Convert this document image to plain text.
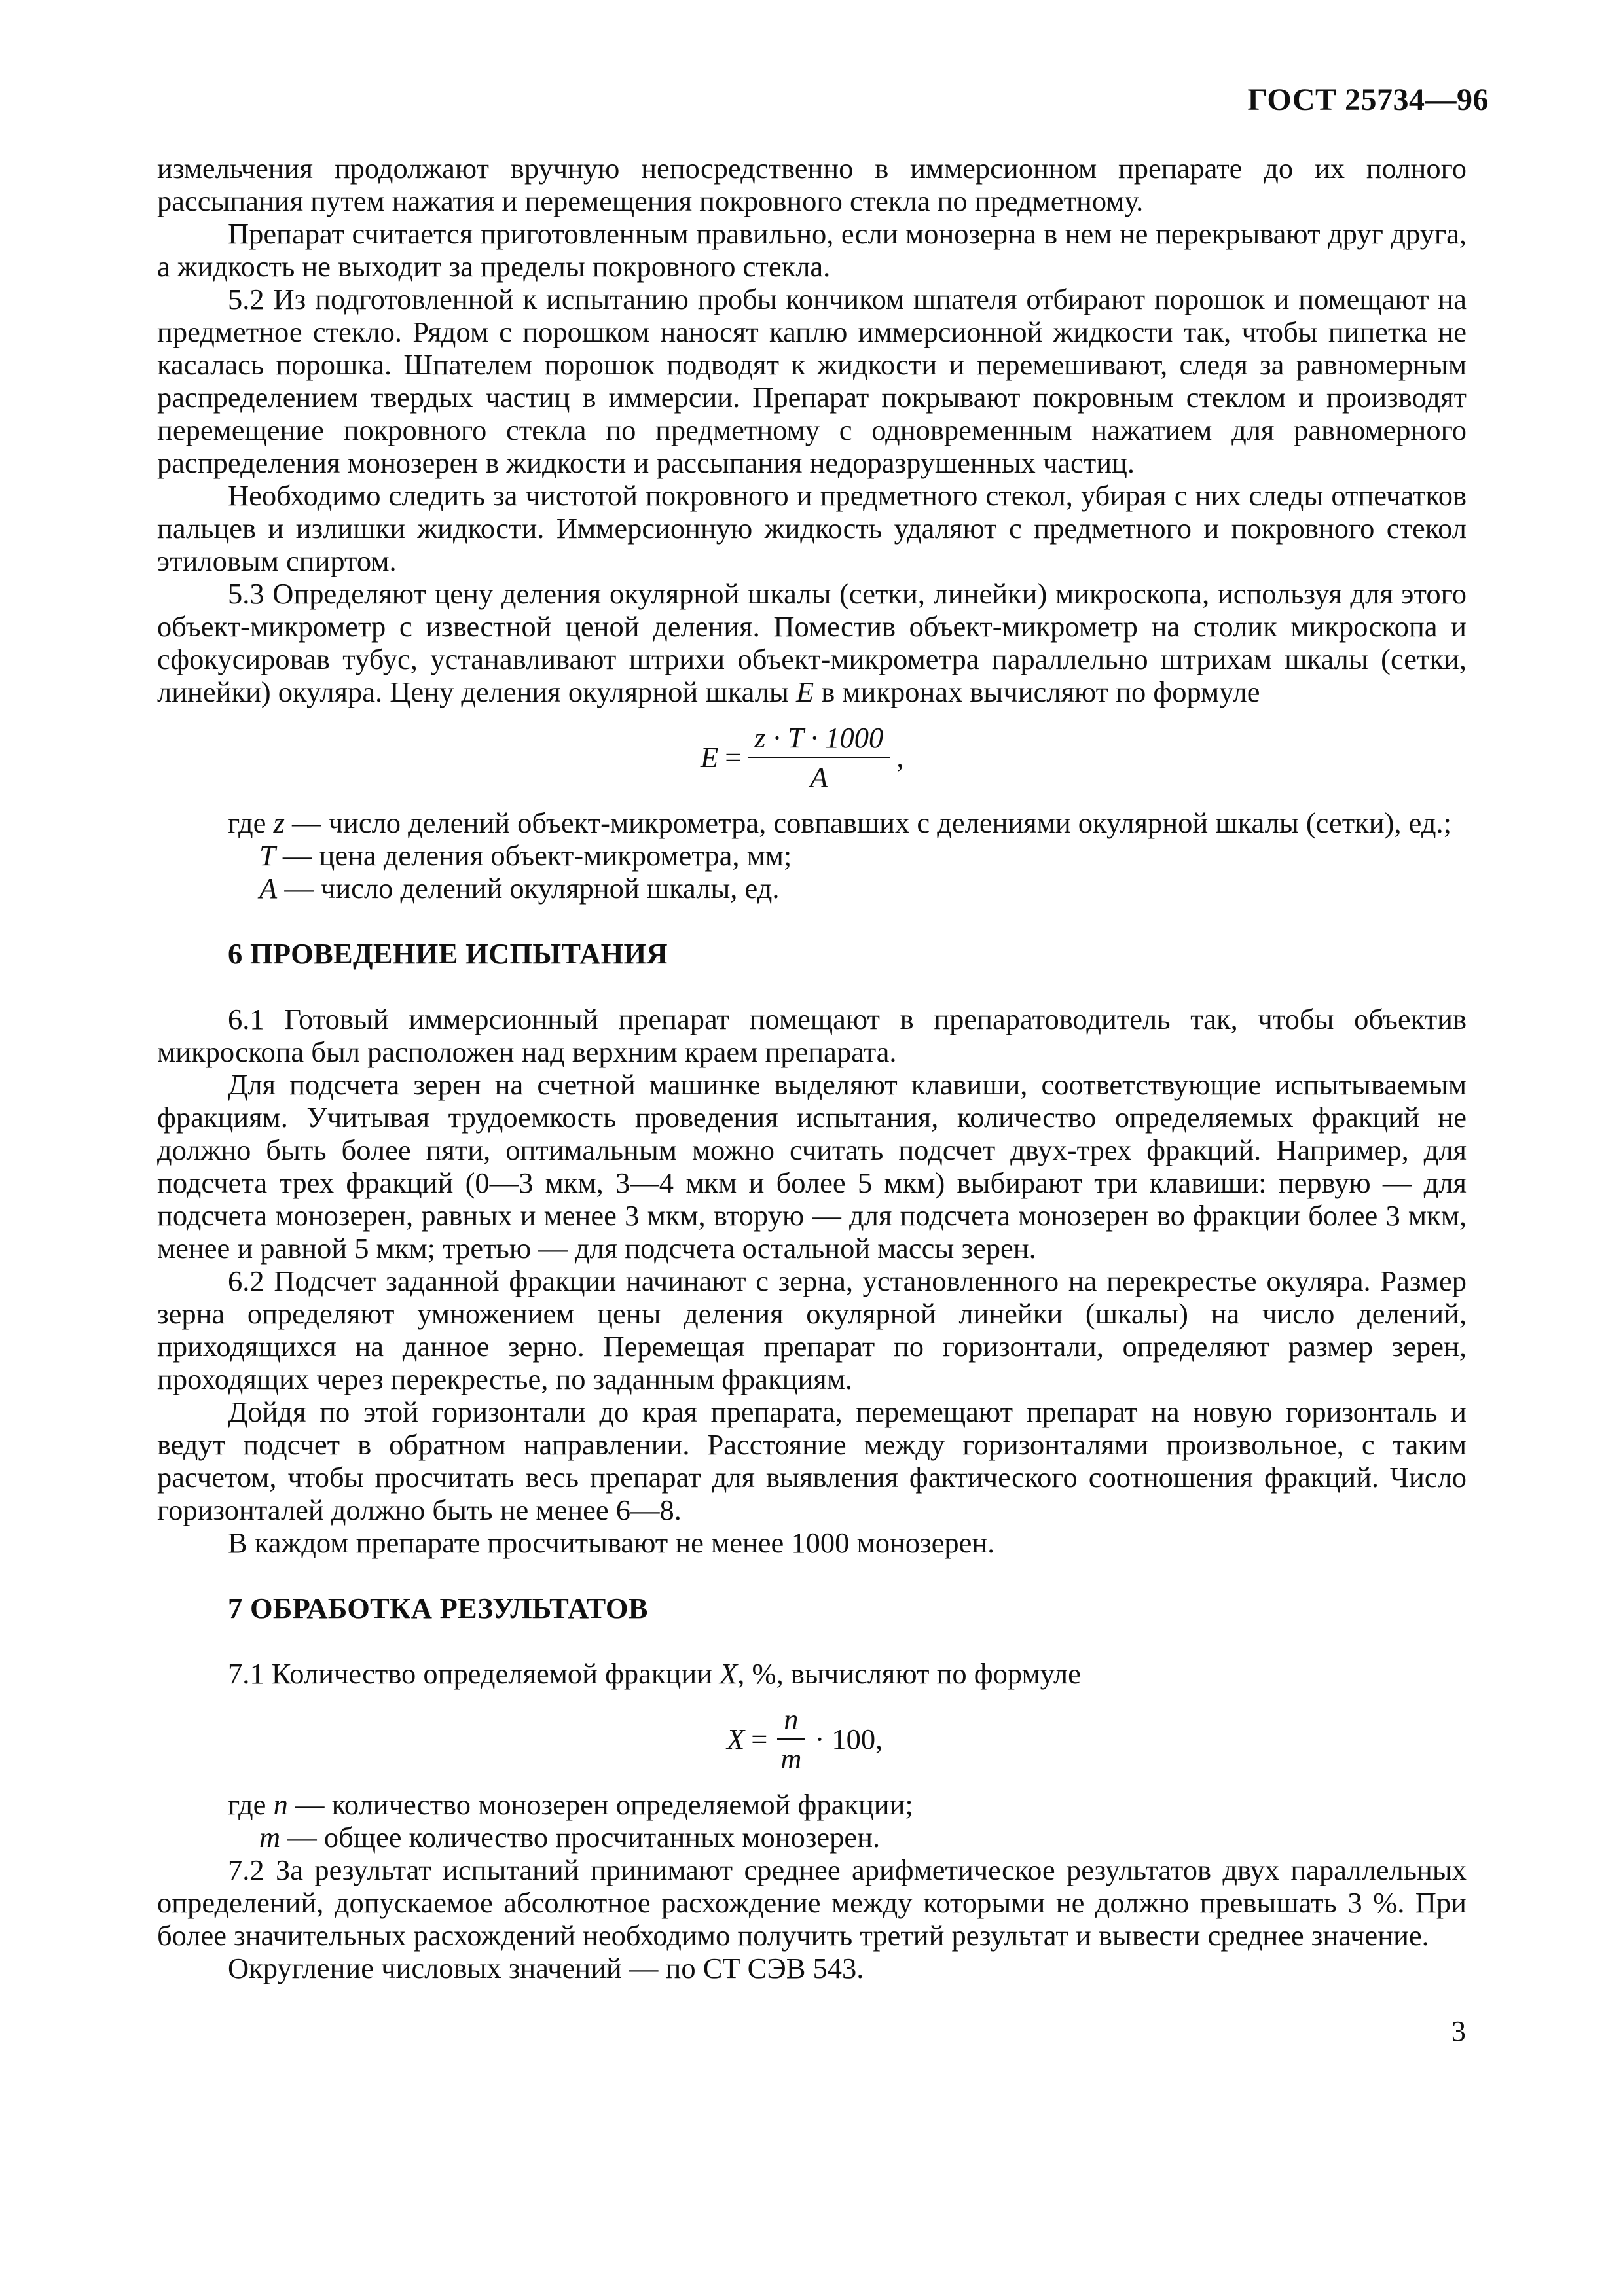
ГОСТ 25734—96

измельчения продолжают вручную непосредственно в иммерсионном препарате до их полного рассыпания путем нажатия и перемещения покровного стекла по предметному.

Препарат считается приготовленным правильно, если монозерна в нем не перекрывают друг друга, а жидкость не выходит за пределы покровного стекла.

5.2 Из подготовленной к испытанию пробы кончиком шпателя отбирают порошок и помещают на предметное стекло. Рядом с порошком наносят каплю иммерсионной жидкости так, чтобы пипетка не касалась порошка. Шпателем порошок подводят к жидкости и перемешивают, следя за равномерным распределением твердых частиц в иммерсии. Препарат покрывают покровным стеклом и производят перемещение покровного стекла по предметному с одновременным нажатием для равномерного распределения монозерен в жидкости и рассыпания недоразрушенных частиц.

Необходимо следить за чистотой покровного и предметного стекол, убирая с них следы отпечатков пальцев и излишки жидкости. Иммерсионную жидкость удаляют с предметного и покровного стекол этиловым спиртом.

5.3 Определяют цену деления окулярной шкалы (сетки, линейки) микроскопа, используя для этого объект-микрометр с известной ценой деления. Поместив объект-микрометр на столик микроскопа и сфокусировав тубус, устанавливают штрихи объект-микрометра параллельно штрихам шкалы (сетки, линейки) окуляра. Цену деления окулярной шкалы E в микронах вычисляют по формуле

$E = \frac{z \cdot T \cdot 1000}{A}$ ,

где z — число делений объект-микрометра, совпавших с делениями окулярной шкалы (сетки), ед.;

T — цена деления объект-микрометра, мм;

A — число делений окулярной шкалы, ед.

6 ПРОВЕДЕНИЕ ИСПЫТАНИЯ

6.1 Готовый иммерсионный препарат помещают в препаратоводитель так, чтобы объектив микроскопа был расположен над верхним краем препарата.

Для подсчета зерен на счетной машинке выделяют клавиши, соответствующие испытываемым фракциям. Учитывая трудоемкость проведения испытания, количество определяемых фракций не должно быть более пяти, оптимальным можно считать подсчет двух-трех фракций. Например, для подсчета трех фракций (0—3 мкм, 3—4 мкм и более 5 мкм) выбирают три клавиши: первую — для подсчета монозерен, равных и менее 3 мкм, вторую — для подсчета монозерен во фракции более 3 мкм, менее и равной 5 мкм; третью — для подсчета остальной массы зерен.

6.2 Подсчет заданной фракции начинают с зерна, установленного на перекрестье окуляра. Размер зерна определяют умножением цены деления окулярной линейки (шкалы) на число делений, приходящихся на данное зерно. Перемещая препарат по горизонтали, определяют размер зерен, проходящих через перекрестье, по заданным фракциям.

Дойдя по этой горизонтали до края препарата, перемещают препарат на новую горизонталь и ведут подсчет в обратном направлении. Расстояние между горизонталями произвольное, с таким расчетом, чтобы просчитать весь препарат для выявления фактического соотношения фракций. Число горизонталей должно быть не менее 6—8.

В каждом препарате просчитывают не менее 1000 монозерен.

7 ОБРАБОТКА РЕЗУЛЬТАТОВ

7.1 Количество определяемой фракции X, %, вычисляют по формуле

$X = \frac{n}{m} \cdot 100$,

где n — количество монозерен определяемой фракции;

m — общее количество просчитанных монозерен.

7.2 За результат испытаний принимают среднее арифметическое результатов двух параллельных определений, допускаемое абсолютное расхождение между которыми не должно превышать 3 %. При более значительных расхождений необходимо получить третий результат и вывести среднее значение.

Округление числовых значений — по СТ СЭВ 543.

3
